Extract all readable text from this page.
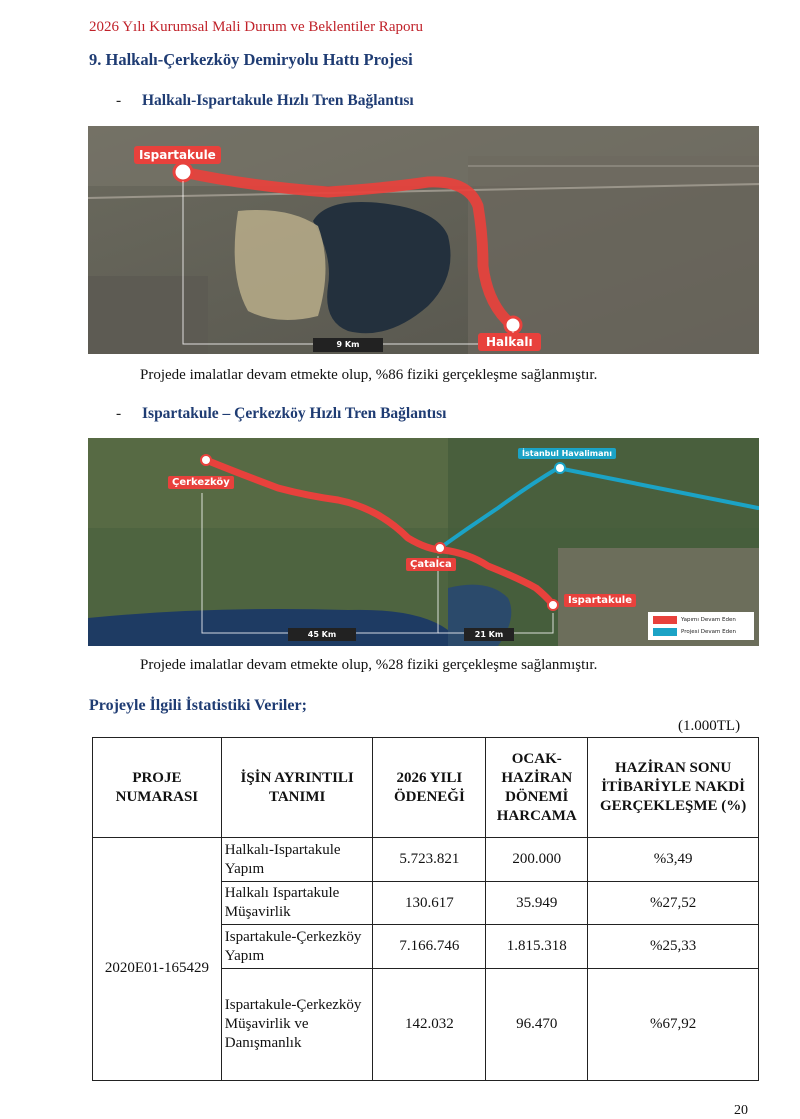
2026 Yılı Kurumsal Mali Durum ve Beklentiler Raporu
9. Halkalı-Çerkezköy Demiryolu Hattı Projesi
- Halkalı-Ispartakule Hızlı Tren Bağlantısı
Ispartakule
Halkalı
9 Km
Projede imalatlar devam etmekte olup, %86 fiziki gerçekleşme sağlanmıştır.
- Ispartakule – Çerkezköy Hızlı Tren Bağlantısı
Çerkezköy
Çatalca
Ispartakule
İstanbul Havalimanı
45 Km	21 Km
Yapımı Devam Eden
Projesi Devam Eden
Projede imalatlar devam etmekte olup, %28 fiziki gerçekleşme sağlanmıştır.
Projeyle İlgili İstatistiki Veriler;
(1.000TL)
PROJE NUMARASI	İŞİN AYRINTILI TANIMI	2026 YILI ÖDENEĞİ	OCAK-HAZİRAN DÖNEMİ HARCAMA	HAZİRAN SONU İTİBARİYLE NAKDİ GERÇEKLEŞME (%)
2020E01-165429	Halkalı-Ispartakule Yapım	5.723.821	200.000	%3,49
	Halkalı Ispartakule Müşavirlik	130.617	35.949	%27,52
	Ispartakule-Çerkezköy Yapım	7.166.746	1.815.318	%25,33
	Ispartakule-Çerkezköy Müşavirlik ve Danışmanlık	142.032	96.470	%67,92
20
